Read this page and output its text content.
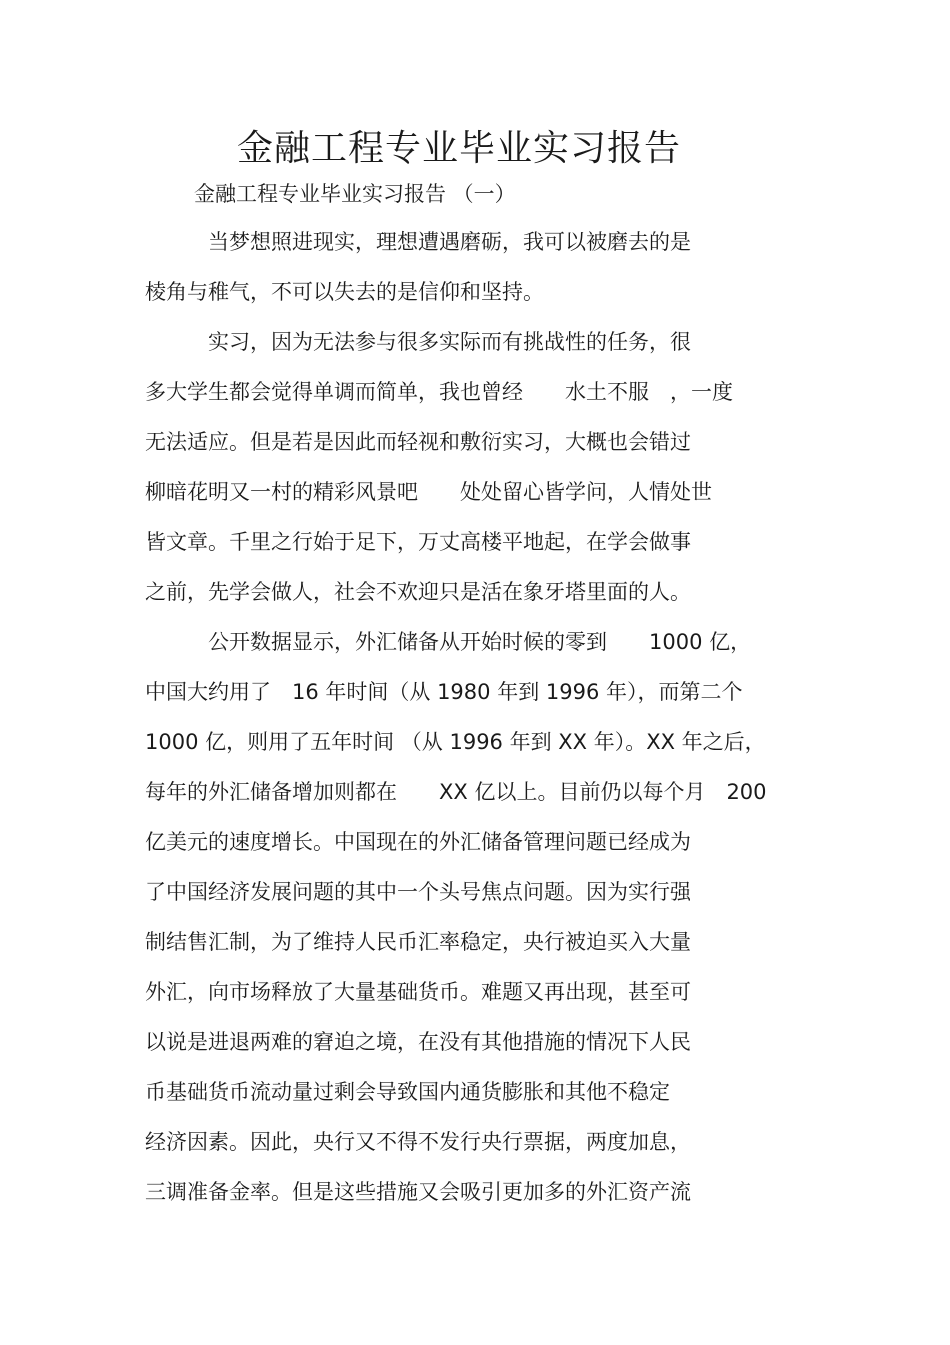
金融工程专业毕业实习报告
金融工程专业毕业实习报告 （一）
当梦想照进现实，理想遭遇磨砺，我可以被磨去的是
棱角与稚气，不可以失去的是信仰和坚持。
实习，因为无法参与很多实际而有挑战性的任务，很
多大学生都会觉得单调而简单，我也曾经　　水土不服　，一度
无法适应。但是若是因此而轻视和敷衍实习，大概也会错过
柳暗花明又一村的精彩风景吧　　处处留心皆学问，人情处世
皆文章。千里之行始于足下，万丈高楼平地起，在学会做事
之前，先学会做人，社会不欢迎只是活在象牙塔里面的人。
公开数据显示，外汇储备从开始时候的零到　　1000 亿，
中国大约用了　16 年时间（从 1980 年到 1996 年），而第二个
1000 亿，则用了五年时间 （从 1996 年到 XX 年）。XX 年之后，
每年的外汇储备增加则都在　　XX 亿以上。目前仍以每个月　200
亿美元的速度增长。中国现在的外汇储备管理问题已经成为
了中国经济发展问题的其中一个头号焦点问题。因为实行强
制结售汇制，为了维持人民币汇率稳定，央行被迫买入大量
外汇，向市场释放了大量基础货币。难题又再出现，甚至可
以说是进退两难的窘迫之境，在没有其他措施的情况下人民
币基础货币流动量过剩会导致国内通货膨胀和其他不稳定
经济因素。因此，央行又不得不发行央行票据，两度加息，
三调准备金率。但是这些措施又会吸引更加多的外汇资产流
